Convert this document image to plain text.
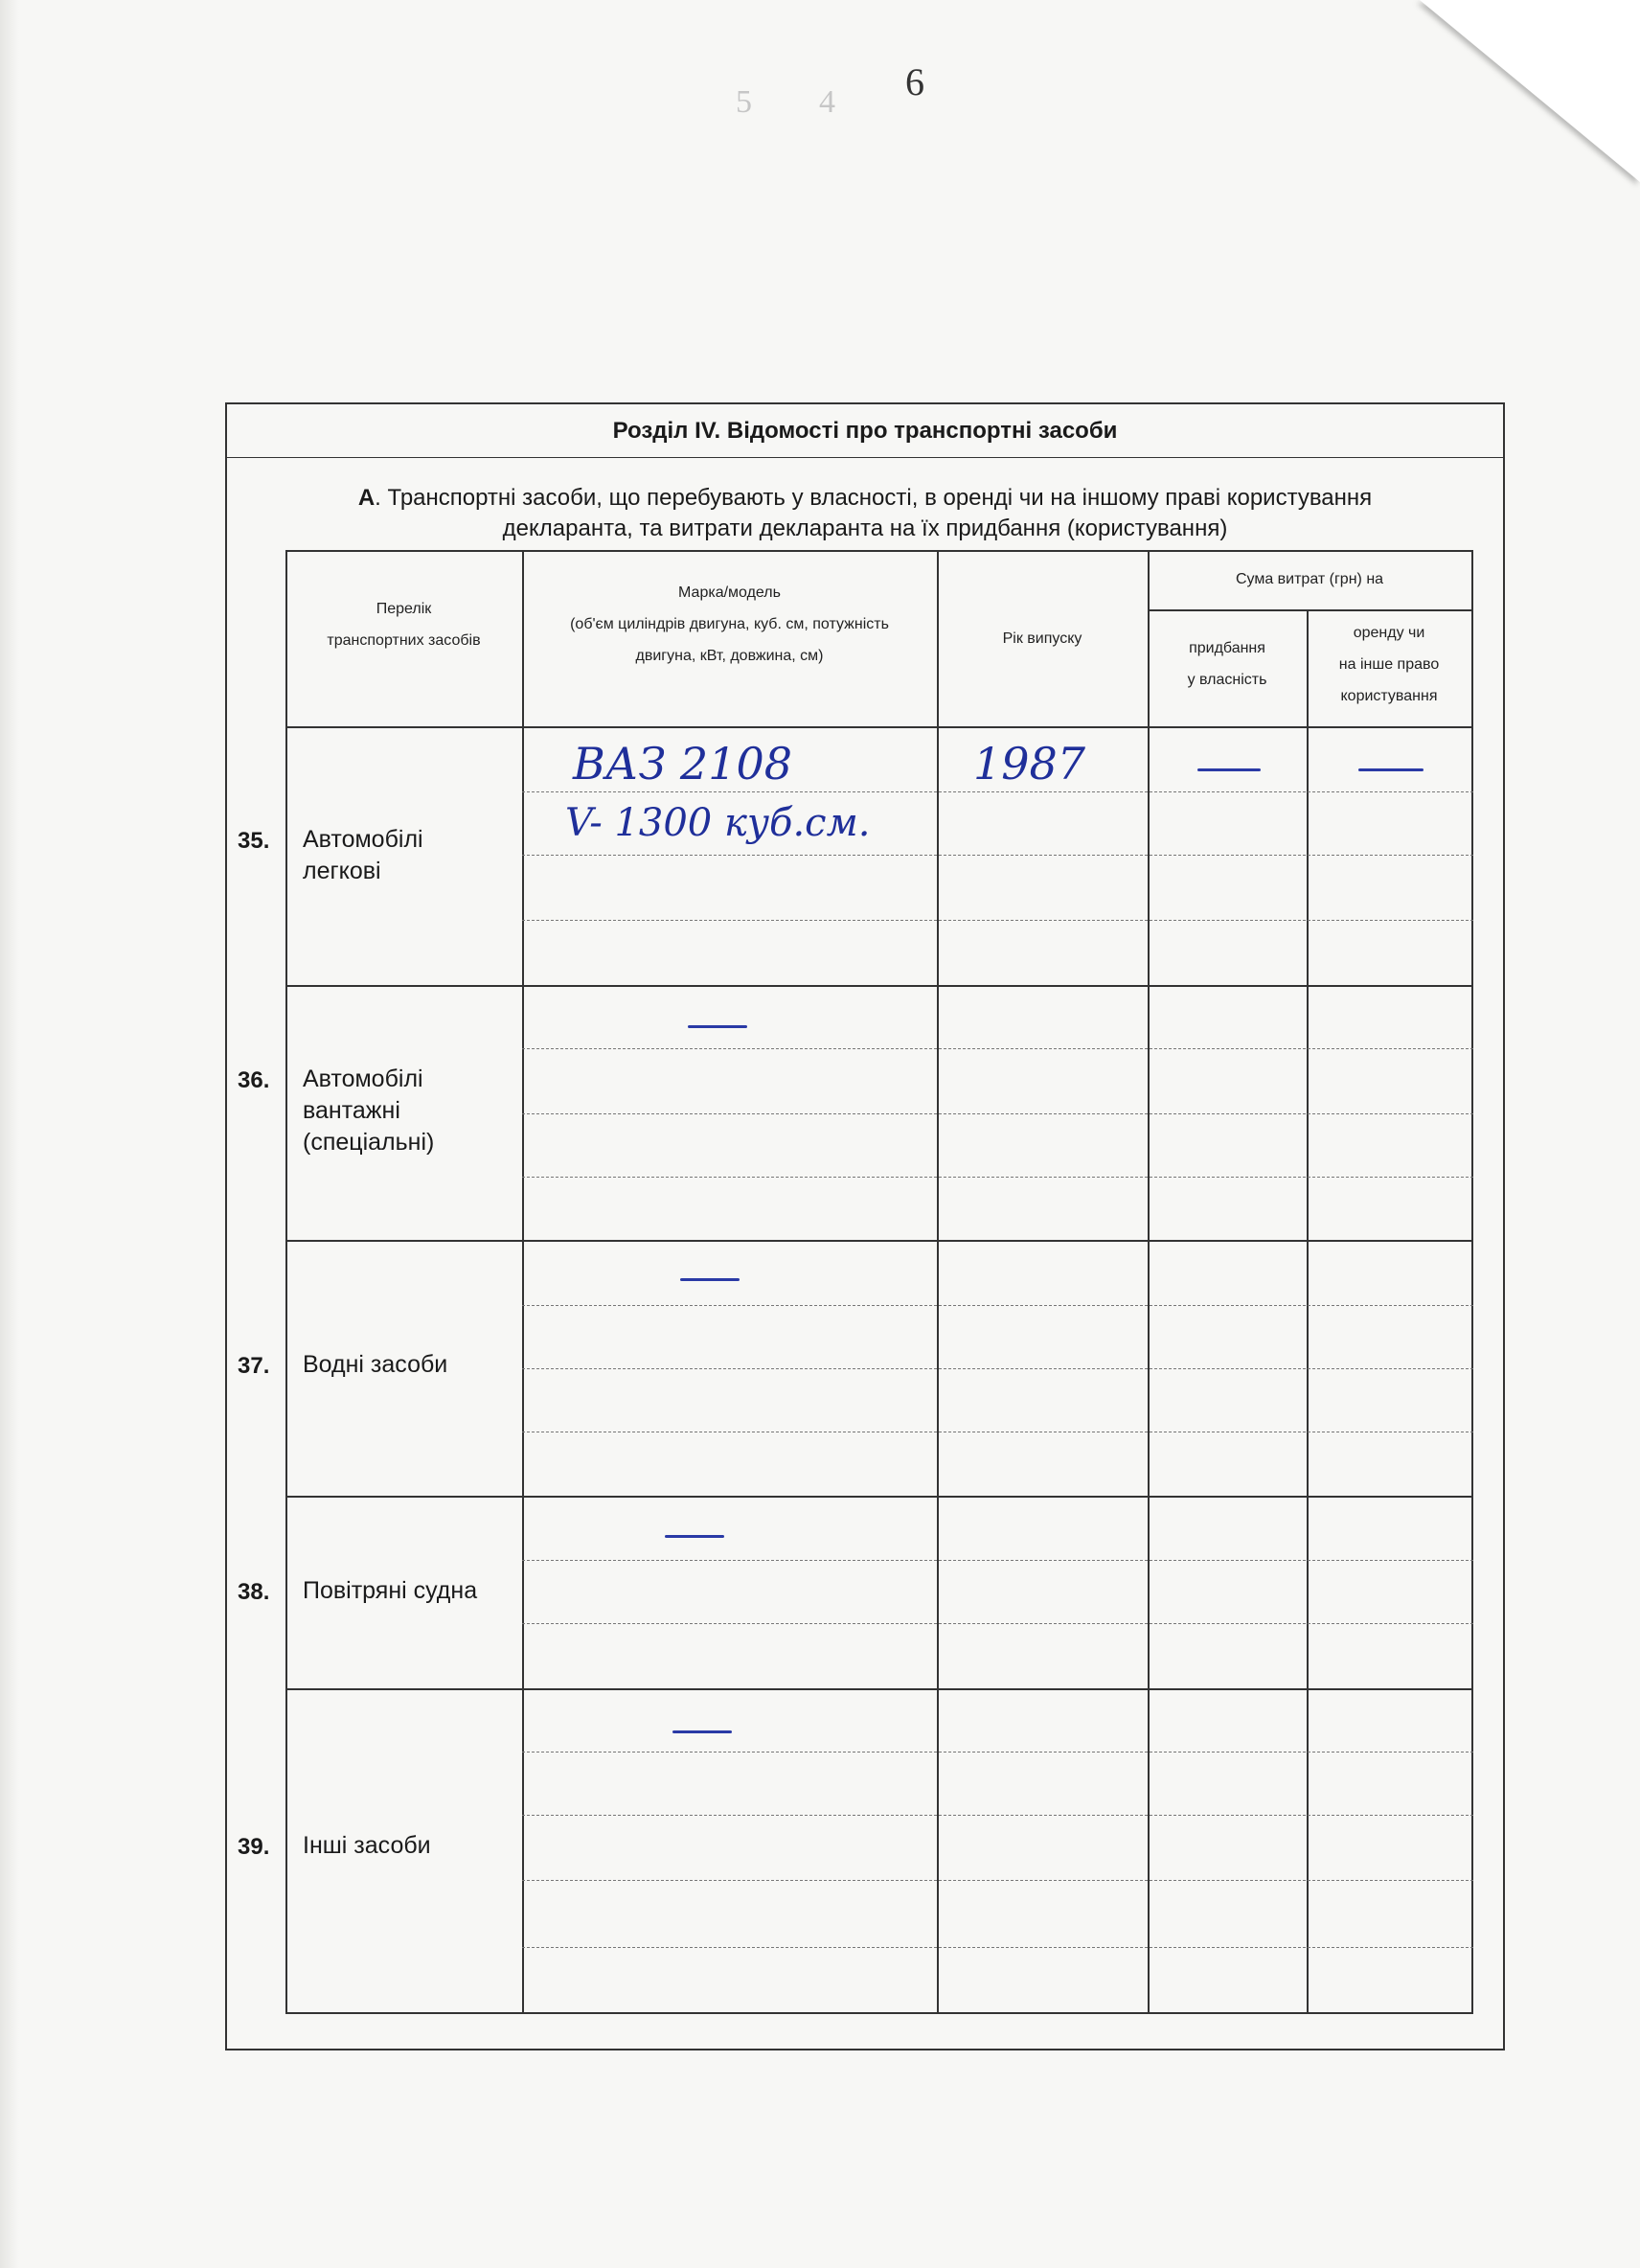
5 4 6
Розділ IV. Відомості про транспортні засоби
А. Транспортні засоби, що перебувають у власності, в оренді чи на іншому праві користування
декларанта, та витрати декларанта на їх придбання (користування)
Перелік
транспортних засобів
Марка/модель
(об'єм циліндрів двигуна, куб. см, потужність
двигуна, кВт, довжина, см)
Рік випуску
Сума витрат (грн) на
придбання
у власність
оренду чи
на інше право
користування
35. Автомобілі
легкові
36. Автомобілі
вантажні
(спеціальні)
37. Водні засоби
38. Повітряні судна
39. Інші засоби
ВАЗ 2108
V- 1300 куб.см.
1987
